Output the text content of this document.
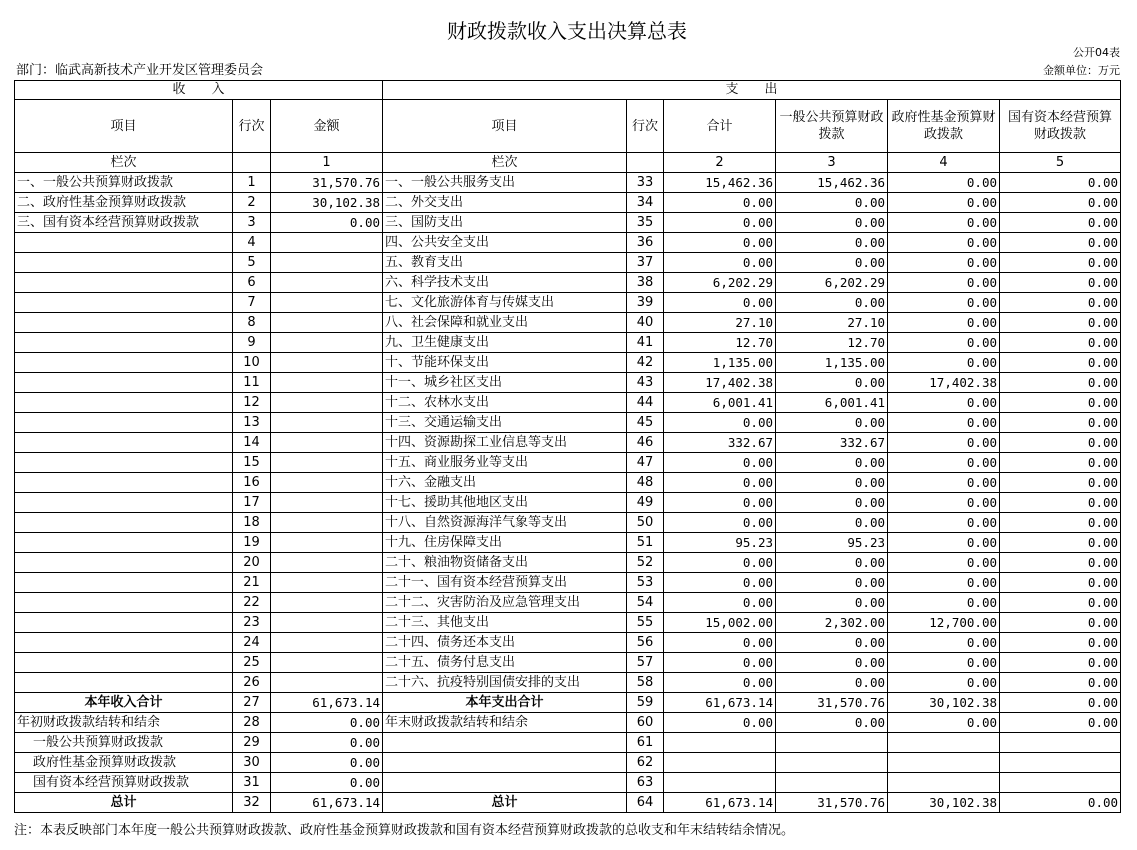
财政拨款收入支出决算总表
公开04表
部门：临武高新技术产业开发区管理委员会	金额单位：万元
收　　入			支　　出					
项目	行次	金额	项目	行次	合计	一般公共预算财政拨款	政府性基金预算财政拨款	国有资本经营预算财政拨款
栏次		1	栏次		2	3	4	5
一、一般公共预算财政拨款	1	31,570.76	一、一般公共服务支出	33	15,462.36	15,462.36	0.00	0.00
二、政府性基金预算财政拨款	2	30,102.38	二、外交支出	34	0.00	0.00	0.00	0.00
三、国有资本经营预算财政拨款	3	0.00	三、国防支出	35	0.00	0.00	0.00	0.00
	4		四、公共安全支出	36	0.00	0.00	0.00	0.00
	5		五、教育支出	37	0.00	0.00	0.00	0.00
	6		六、科学技术支出	38	6,202.29	6,202.29	0.00	0.00
	7		七、文化旅游体育与传媒支出	39	0.00	0.00	0.00	0.00
	8		八、社会保障和就业支出	40	27.10	27.10	0.00	0.00
	9		九、卫生健康支出	41	12.70	12.70	0.00	0.00
	10		十、节能环保支出	42	1,135.00	1,135.00	0.00	0.00
	11		十一、城乡社区支出	43	17,402.38	0.00	17,402.38	0.00
	12		十二、农林水支出	44	6,001.41	6,001.41	0.00	0.00
	13		十三、交通运输支出	45	0.00	0.00	0.00	0.00
	14		十四、资源勘探工业信息等支出	46	332.67	332.67	0.00	0.00
	15		十五、商业服务业等支出	47	0.00	0.00	0.00	0.00
	16		十六、金融支出	48	0.00	0.00	0.00	0.00
	17		十七、援助其他地区支出	49	0.00	0.00	0.00	0.00
	18		十八、自然资源海洋气象等支出	50	0.00	0.00	0.00	0.00
	19		十九、住房保障支出	51	95.23	95.23	0.00	0.00
	20		二十、粮油物资储备支出	52	0.00	0.00	0.00	0.00
	21		二十一、国有资本经营预算支出	53	0.00	0.00	0.00	0.00
	22		二十二、灾害防治及应急管理支出	54	0.00	0.00	0.00	0.00
	23		二十三、其他支出	55	15,002.00	2,302.00	12,700.00	0.00
	24		二十四、债务还本支出	56	0.00	0.00	0.00	0.00
	25		二十五、债务付息支出	57	0.00	0.00	0.00	0.00
	26		二十六、抗疫特别国债安排的支出	58	0.00	0.00	0.00	0.00
本年收入合计	27	61,673.14	本年支出合计	59	61,673.14	31,570.76	30,102.38	0.00
年初财政拨款结转和结余	28	0.00	年末财政拨款结转和结余	60	0.00	0.00	0.00	0.00
一般公共预算财政拨款	29	0.00		61				
政府性基金预算财政拨款	30	0.00		62				
国有资本经营预算财政拨款	31	0.00		63				
总计	32	61,673.14	总计	64	61,673.14	31,570.76	30,102.38	0.00
注：本表反映部门本年度一般公共预算财政拨款、政府性基金预算财政拨款和国有资本经营预算财政拨款的总收支和年末结转结余情况。
